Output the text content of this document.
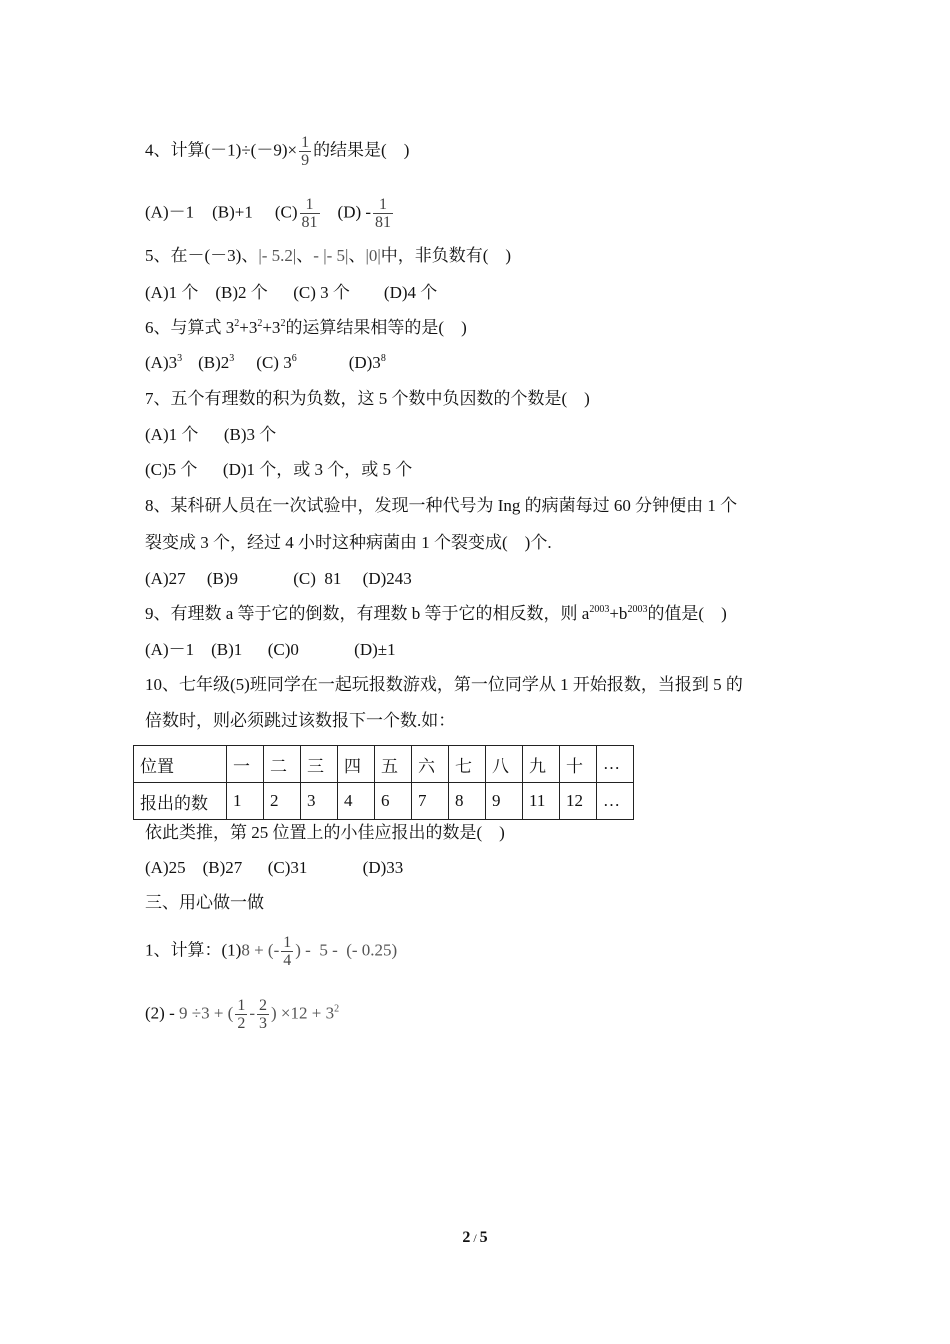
4、计算$(-1)\div(-9)\times \frac{1}{9}$ 的结果是(　)
(A)－1 (B)+1 $(C) \frac{1}{81} (D) - \frac{1}{81}$
5、在－(－3)、|- 5.2|、- |- 5|、|0|中，非负数有(　)
(A)1 个　(B)2 个　  (C) 3 个　    (D)4 个
6、与算式 $3^2+3^2+3^2$的运算结果相等的是(　)
$(A)3^3$ $(B)2^3$ (C) $3^6$	$(D)3^8$
7、五个有理数的积为负数，这 5 个数中负因数的个数是(　)
(A)1 个　  (B)3 个
(C)5 个　  (D)1 个，或 3 个，或 5 个
8、某科研人员在一次试验中，发现一种代号为 Ing 的病菌每过 60 分钟便由 1 个
裂变成 3 个，经过 4 小时这种病菌由 1 个裂变成(　)个.
(A)27　 (B)9　         (C)  81　 (D)243
9、有理数 a 等于它的倒数，有理数 b 等于它的相反数，则 $a^{2003}+b^{2003}$的值是(　)
(A)－1　(B)1　  (C)0　         (D)±1
10、七年级(5)班同学在一起玩报数游戏，第一位同学从 1 开始报数，当报到 5 的
倍数时，则必须跳过该数报下一个数.如：
位置	一	二	三	四	五	六	七	八	九	十	…
报出的数	1	2	3	4	6	7	8	9	11	12	…
依此类推，第 25 位置上的小佳应报出的数是(　)
(A)25　(B)27　  (C)31　         (D)33
三、用心做一做
1、计算：(1)8 + (- $\frac{1}{4}$ ) -  5 -  (- 0.25)
(2) - 9 ÷3 + ( $\frac{1}{2} - \frac{2}{3}$ ) $\times 12 + 3^2$
2 / 5
